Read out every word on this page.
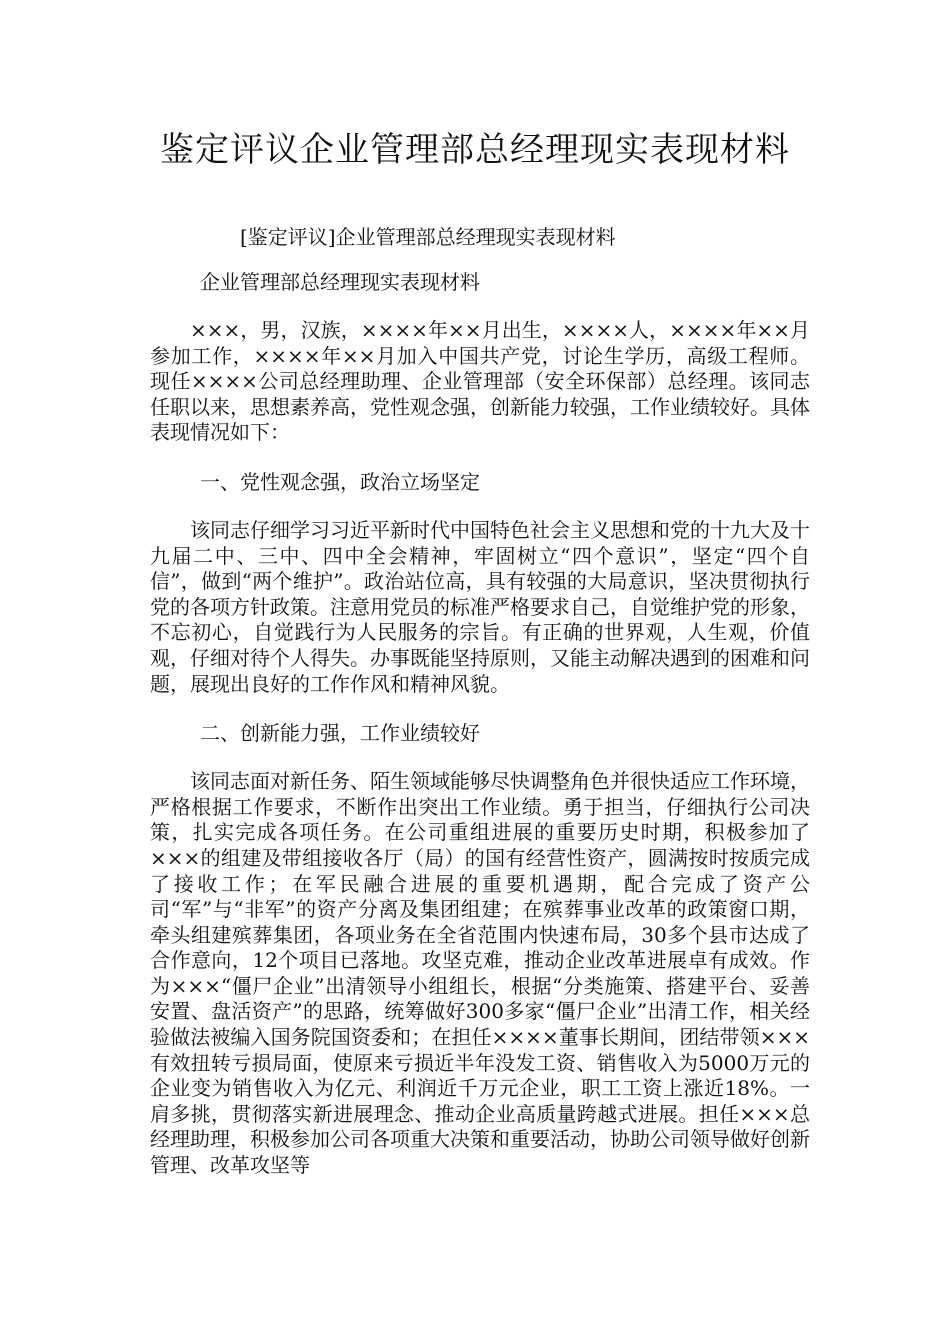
鉴定评议企业管理部总经理现实表现材料

[鉴定评议]企业管理部总经理现实表现材料

企业管理部总经理现实表现材料

×××，男，汉族，××××年××月出生，××××人，××××年××月参加工作，××××年××月加入中国共产党，讨论生学历，高级工程师。现任××××公司总经理助理、企业管理部（安全环保部）总经理。该同志任职以来，思想素养高，党性观念强，创新能力较强，工作业绩较好。具体表现情况如下：

一、党性观念强，政治立场坚定

该同志仔细学习习近平新时代中国特色社会主义思想和党的十九大及十九届二中、三中、四中全会精神，牢固树立“四个意识”，坚定“四个自信”，做到“两个维护”。政治站位高，具有较强的大局意识，坚决贯彻执行党的各项方针政策。注意用党员的标准严格要求自己，自觉维护党的形象，不忘初心，自觉践行为人民服务的宗旨。有正确的世界观，人生观，价值观，仔细对待个人得失。办事既能坚持原则，又能主动解决遇到的困难和问题，展现出良好的工作作风和精神风貌。

二、创新能力强，工作业绩较好

该同志面对新任务、陌生领域能够尽快调整角色并很快适应工作环境，严格根据工作要求，不断作出突出工作业绩。勇于担当，仔细执行公司决策，扎实完成各项任务。在公司重组进展的重要历史时期，积极参加了×××的组建及带组接收各厅（局）的国有经营性资产，圆满按时按质完成了接收工作；在军民融合进展的重要机遇期，配合完成了资产公司“军”与“非军”的资产分离及集团组建；在殡葬事业改革的政策窗口期，牵头组建殡葬集团，各项业务在全省范围内快速布局，30多个县市达成了合作意向，12个项目已落地。攻坚克难，推动企业改革进展卓有成效。作为×××“僵尸企业”出清领导小组组长，根据“分类施策、搭建平台、妥善安置、盘活资产”的思路，统筹做好300多家“僵尸企业”出清工作，相关经验做法被编入国务院国资委和；在担任××××董事长期间，团结带领×××有效扭转亏损局面，使原来亏损近半年没发工资、销售收入为5000万元的企业变为销售收入为亿元、利润近千万元企业，职工工资上涨近18%。一肩多挑，贯彻落实新进展理念、推动企业高质量跨越式进展。担任×××总经理助理，积极参加公司各项重大决策和重要活动，协助公司领导做好创新管理、改革攻坚等
